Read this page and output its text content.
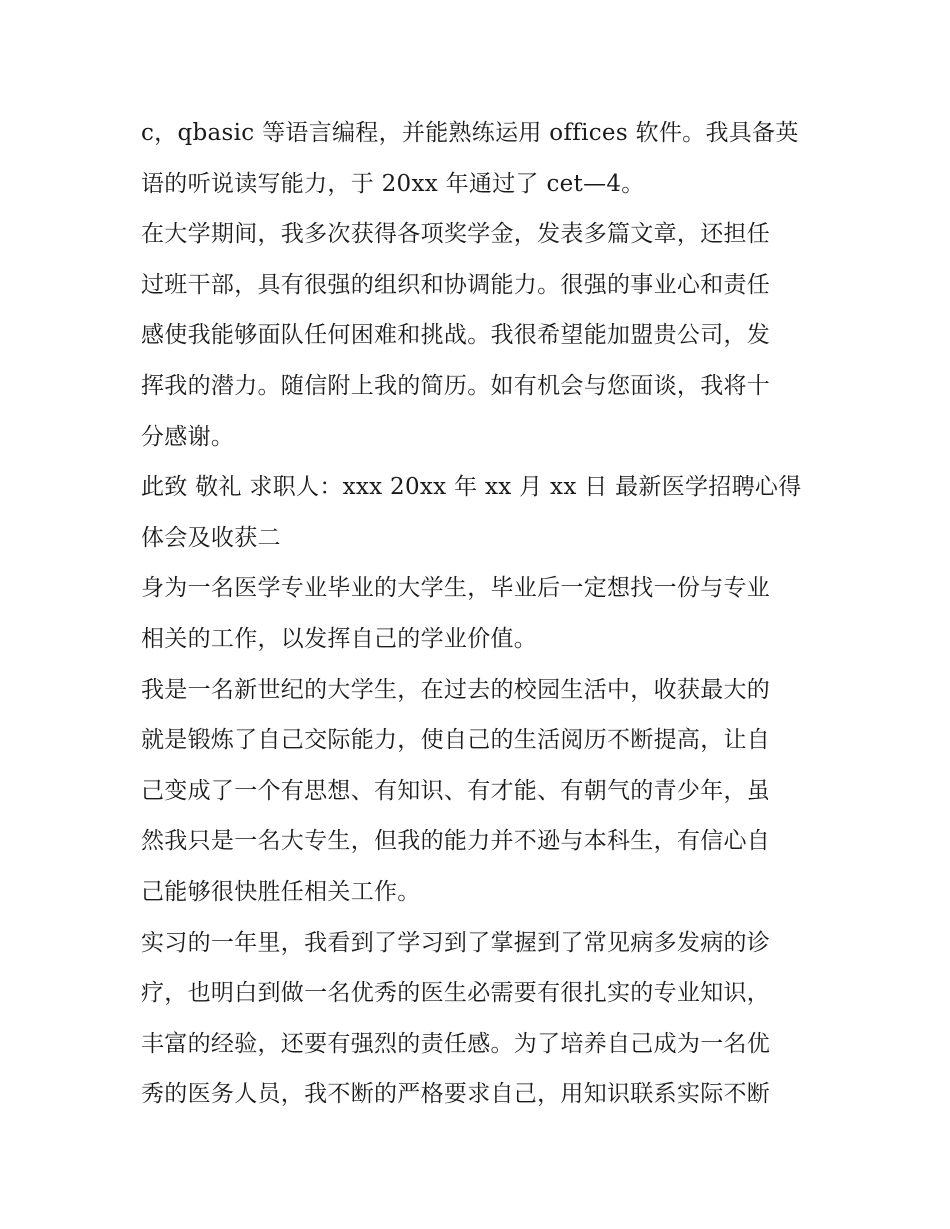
c，qbasic 等语言编程，并能熟练运用 offices 软件。我具备英
语的听说读写能力，于 20xx 年通过了 cet—4。
在大学期间，我多次获得各项奖学金，发表多篇文章，还担任
过班干部，具有很强的组织和协调能力。很强的事业心和责任
感使我能够面队任何困难和挑战。我很希望能加盟贵公司，发
挥我的潜力。随信附上我的简历。如有机会与您面谈，我将十
分感谢。
此致 敬礼 求职人：xxx 20xx 年 xx 月 xx 日 最新医学招聘心得
体会及收获二
身为一名医学专业毕业的大学生，毕业后一定想找一份与专业
相关的工作，以发挥自己的学业价值。
我是一名新世纪的大学生，在过去的校园生活中，收获最大的
就是锻炼了自己交际能力，使自己的生活阅历不断提高，让自
己变成了一个有思想、有知识、有才能、有朝气的青少年，虽
然我只是一名大专生，但我的能力并不逊与本科生，有信心自
己能够很快胜任相关工作。
实习的一年里，我看到了学习到了掌握到了常见病多发病的诊
疗，也明白到做一名优秀的医生必需要有很扎实的专业知识，
丰富的经验，还要有强烈的责任感。为了培养自己成为一名优
秀的医务人员，我不断的严格要求自己，用知识联系实际不断
